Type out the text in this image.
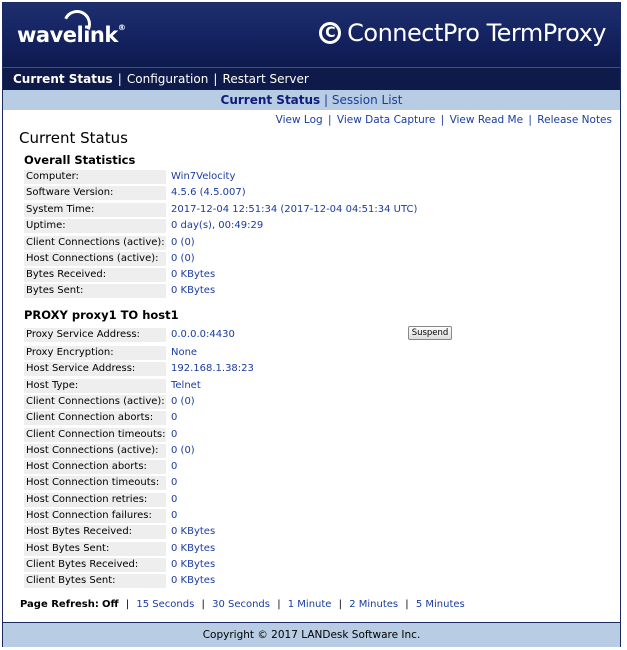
wavelink®	C ConnectPro TermProxy
Current Status | Configuration | Restart Server
Current Status | Session List
View Log | View Data Capture | View Read Me | Release Notes
Current Status
Overall Statistics
Computer:	Win7Velocity
Software Version:	4.5.6 (4.5.007)
System Time:	2017-12-04 12:51:34 (2017-12-04 04:51:34 UTC)
Uptime:	0 day(s), 00:49:29
Client Connections (active): 0 (0)
Host Connections (active):	0 (0)
Bytes Received:	0 KBytes
Bytes Sent:	0 KBytes
PROXY proxy1 TO host1
Proxy Service Address:	0.0.0.0:4430	Suspend
Proxy Encryption:	None
Host Service Address:	192.168.1.38:23
Host Type:	Telnet
Client Connections (active): 0 (0)
Client Connection aborts:	0
Client Connection timeouts: 0
Host Connections (active):	0 (0)
Host Connection aborts:	0
Host Connection timeouts:	0
Host Connection retries:	0
Host Connection failures:	0
Host Bytes Received:	0 KBytes
Host Bytes Sent:	0 KBytes
Client Bytes Received:	0 KBytes
Client Bytes Sent:	0 KBytes
Page Refresh: Off | 15 Seconds | 30 Seconds | 1 Minute | 2 Minutes | 5 Minutes
Copyright © 2017 LANDesk Software Inc.
